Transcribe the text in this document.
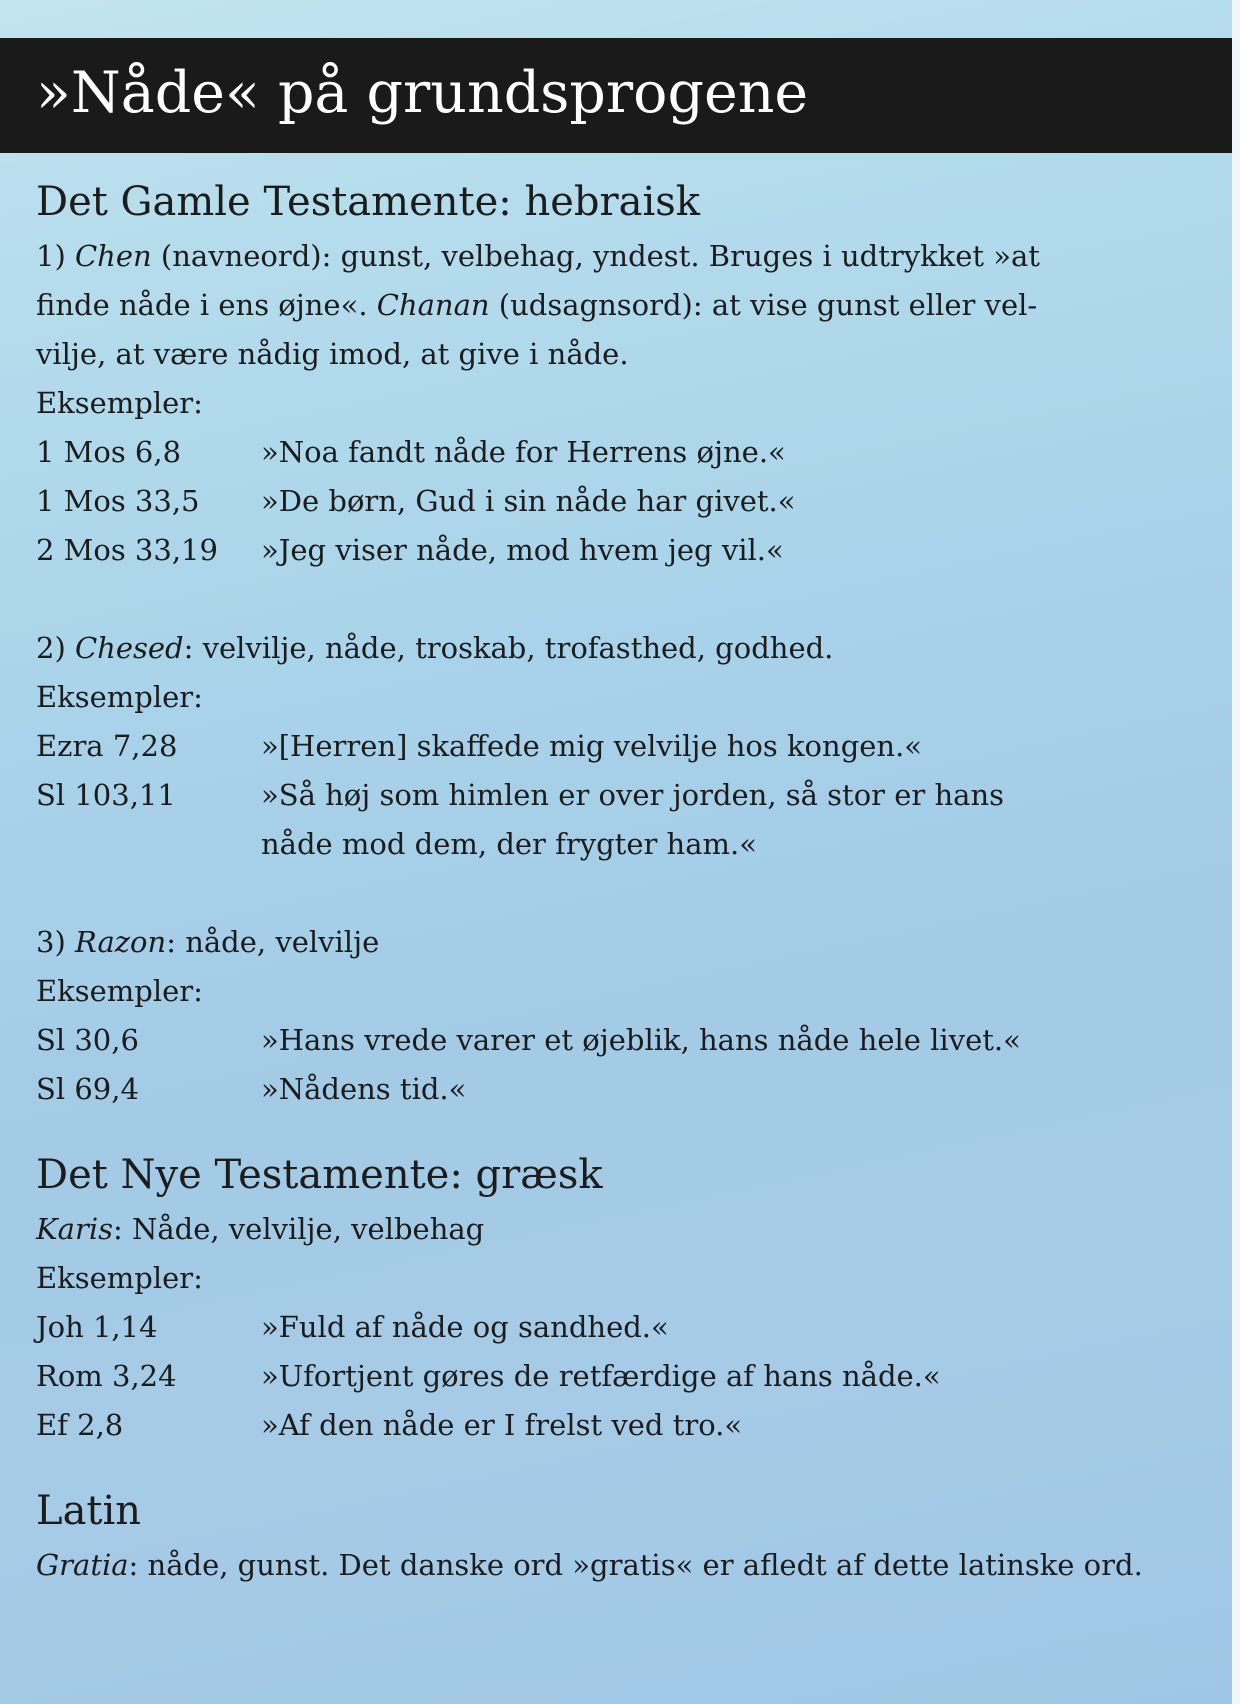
»Nåde« på grundsprogene
Det Gamle Testamente: hebraisk

1) Chen (navneord): gunst, velbehag, yndest. Bruges i udtrykket »at

finde nåde i ens øjne«. Chanan (udsagnsord): at vise gunst eller vel-

vilje, at være nådig imod, at give i nåde.

Eksempler:

1 Mos 6,8	»Noa fandt nåde for Herrens øjne.«
1 Mos 33,5	»De børn, Gud i sin nåde har givet.«
2 Mos 33,19	»Jeg viser nåde, mod hvem jeg vil.«

2) Chesed: velvilje, nåde, troskab, trofasthed, godhed.

Eksempler:

Ezra 7,28	»[Herren] skaffede mig velvilje hos kongen.«
Sl 103,11	»Så høj som himlen er over jorden, så stor er hans
nåde mod dem, der frygter ham.«

3) Razon: nåde, velvilje

Eksempler:

Sl 30,6	»Hans vrede varer et øjeblik, hans nåde hele livet.«
Sl 69,4	»Nådens tid.«
Det Nye Testamente: græsk

Karis: Nåde, velvilje, velbehag

Eksempler:

Joh 1,14	»Fuld af nåde og sandhed.«
Rom 3,24	»Ufortjent gøres de retfærdige af hans nåde.«
Ef 2,8	»Af den nåde er I frelst ved tro.«
Latin

Gratia: nåde, gunst. Det danske ord »gratis« er afledt af dette latinske ord.
